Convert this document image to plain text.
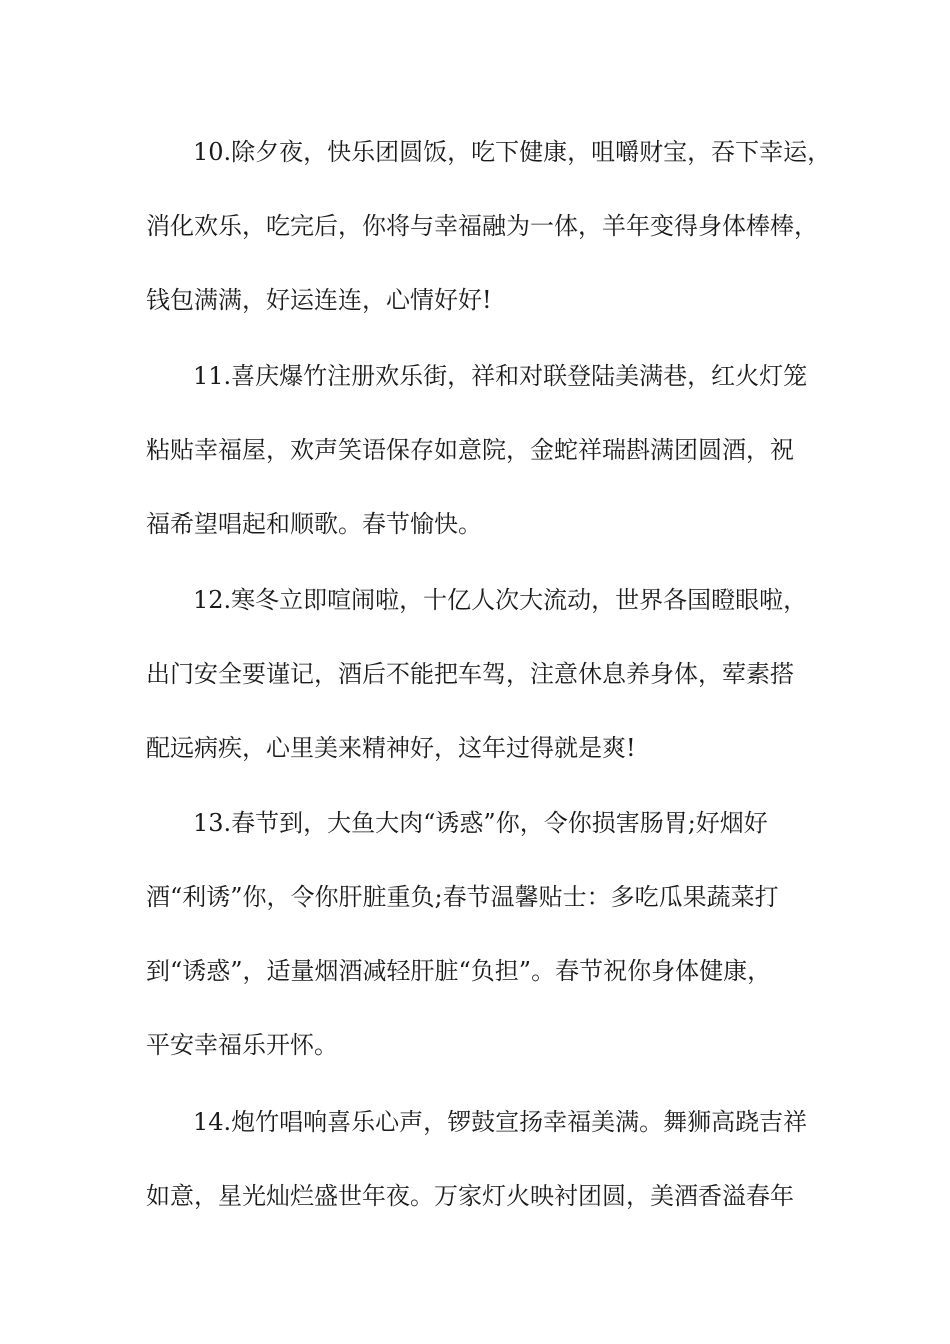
10.除夕夜，快乐团圆饭，吃下健康，咀嚼财宝，吞下幸运，
消化欢乐，吃完后，你将与幸福融为一体，羊年变得身体棒棒，
钱包满满，好运连连，心情好好!

11.喜庆爆竹注册欢乐街，祥和对联登陆美满巷，红火灯笼
粘贴幸福屋，欢声笑语保存如意院，金蛇祥瑞斟满团圆酒，祝
福希望唱起和顺歌。春节愉快。

12.寒冬立即喧闹啦，十亿人次大流动，世界各国瞪眼啦，
出门安全要谨记，酒后不能把车驾，注意休息养身体，荤素搭
配远病疾，心里美来精神好，这年过得就是爽!

13.春节到，大鱼大肉“诱惑”你，令你损害肠胃;好烟好
酒“利诱”你，令你肝脏重负;春节温馨贴士：多吃瓜果蔬菜打
到“诱惑”，适量烟酒减轻肝脏“负担”。春节祝你身体健康，
平安幸福乐开怀。

14.炮竹唱响喜乐心声，锣鼓宣扬幸福美满。舞狮高跷吉祥
如意，星光灿烂盛世年夜。万家灯火映衬团圆，美酒香溢春年
